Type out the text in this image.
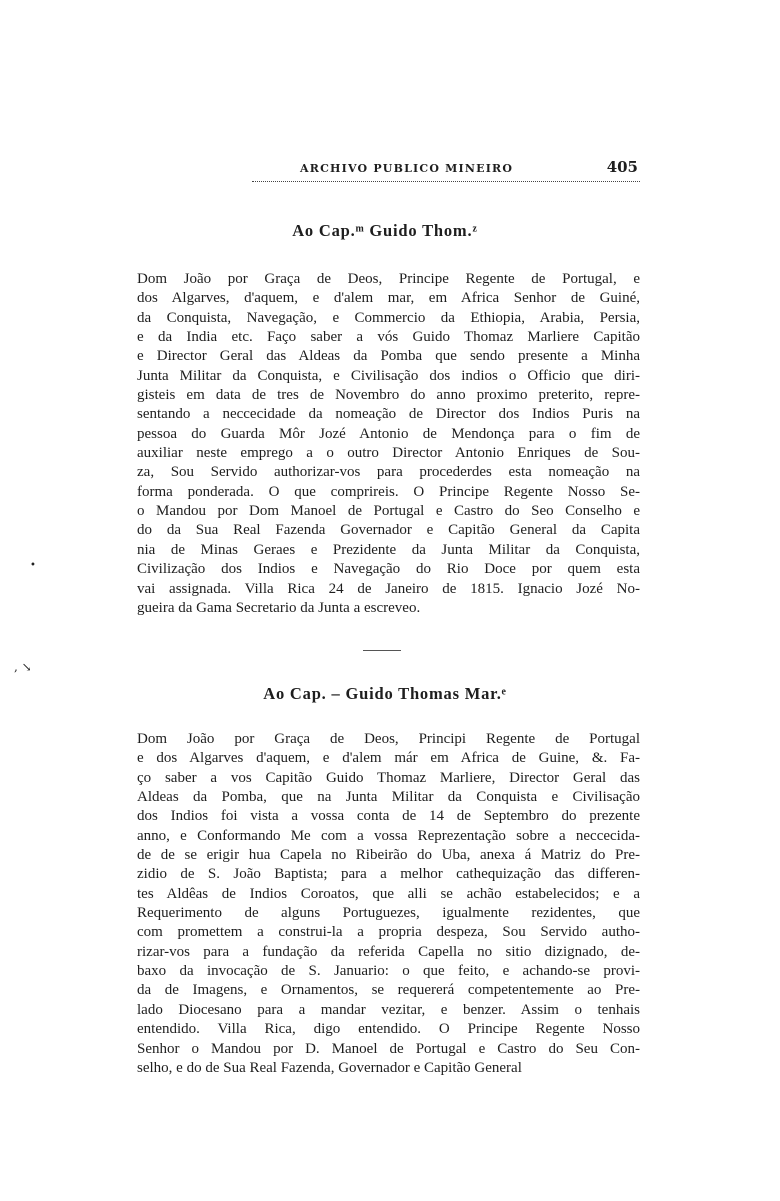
ARCHIVO PUBLICO MINEIRO	405
Ao Cap.ᵐ Guido Thom.ᶻ
Dom João por Graça de Deos, Principe Regente de Portugal, e
dos Algarves, d'aquem, e d'alem mar, em Africa Senhor de Guiné,
da Conquista, Navegação, e Commercio da Ethiopia, Arabia, Persia,
e da India etc. Faço saber a vós Guido Thomaz Marliere Capitão
e Director Geral das Aldeas da Pomba que sendo presente a Minha
Junta Militar da Conquista, e Civilisação dos indios o Officio que diri-
gisteis em data de tres de Novembro do anno proximo preterito, repre-
sentando a neccecidade da nomeação de Director dos Indios Puris na
pessoa do Guarda Môr Jozé Antonio de Mendonça para o fim de
auxiliar neste emprego a o outro Director Antonio Enriques de Sou-
za, Sou Servido authorizar-vos para procederdes esta nomeação na
forma ponderada. O que comprireis. O Principe Regente Nosso Se-
o Mandou por Dom Manoel de Portugal e Castro do Seo Conselho e
do da Sua Real Fazenda Governador e Capitão General da Capita
nia de Minas Geraes e Prezidente da Junta Militar da Conquista,
Civilização dos Indios e Navegação do Rio Doce por quem esta
vai assignada. Villa Rica 24 de Janeiro de 1815. Ignacio Jozé No-
gueira da Gama Secretario da Junta a escreveo.
Ao Cap. – Guido Thomas Mar.ᵉ
Dom João por Graça de Deos, Principi Regente de Portugal
e dos Algarves d'aquem, e d'alem már em Africa de Guine, &. Fa-
ço saber a vos Capitão Guido Thomaz Marliere, Director Geral das
Aldeas da Pomba, que na Junta Militar da Conquista e Civilisação
dos Indios foi vista a vossa conta de 14 de Septembro do prezente
anno, e Conformando Me com a vossa Reprezentação sobre a neccecida-
de de se erigir hua Capela no Ribeirão do Uba, anexa á Matriz do Pre-
zidio de S. João Baptista; para a melhor cathequização das differen-
tes Aldêas de Indios Coroatos, que alli se achão estabelecidos; e a
Requerimento de alguns Portuguezes, igualmente rezidentes, que
com promettem a construi-la a propria despeza, Sou Servido autho-
rizar-vos para a fundação da referida Capella no sitio dizignado, de-
baxo da invocação de S. Januario: o que feito, e achando-se provi-
da de Imagens, e Ornamentos, se requererá competentemente ao Pre-
lado Diocesano para a mandar vezitar, e benzer. Assim o tenhais
entendido. Villa Rica, digo entendido. O Principe Regente Nosso
Senhor o Mandou por D. Manoel de Portugal e Castro do Seu Con-
selho, e do de Sua Real Fazenda, Governador e Capitão General
•
, ↘
